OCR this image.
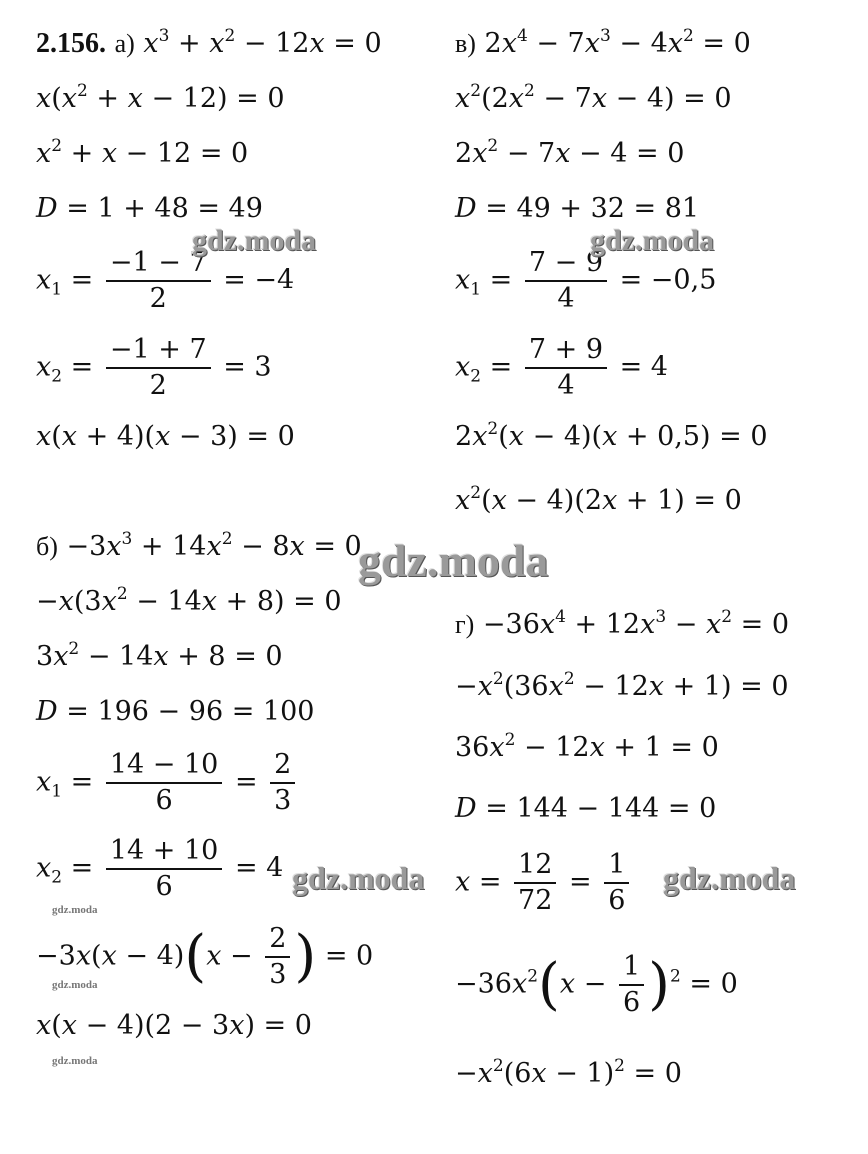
2.156. а) $x^3 + x^2 - 12x = 0$
$x(x^2 + x - 12) = 0$
$x^2 + x - 12 = 0$
D = 1 + 48 = 49
$x_1 = \frac{-1 - 7}{2} = -4$
$x_2 = \frac{-1 + 7}{2} = 3$
x(x + 4)(x − 3) = 0
в) $2x^4 - 7x^3 - 4x^2 = 0$
$x^2(2x^2 - 7x - 4) = 0$
$2x^2 - 7x - 4 = 0$
D = 49 + 32 = 81
$x_1 = \frac{7 - 9}{4} = -0,5$
$x_2 = \frac{7 + 9}{4} = 4$
$2x^2(x - 4)(x + 0,5) = 0$
$x^2(x - 4)(2x + 1) = 0$
$б) -3x^3 + 14x^2 - 8x = 0$
$-x(3x^2 - 14x + 8) = 0$
$3x^2 - 14x + 8 = 0$
D = 196 − 96 = 100
$x_1 = \frac{14 - 10}{6} = \frac{2}{3}$
$x_2 = \frac{14 + 10}{6} = 4$
$-3x(x - 4)(x - \frac{2}{3}$ ) = 0
x(x − 4)(2 − 3x) = 0
$г) -36x^4 + 12x^3 - x^2 = 0$
$-x^2(36x^2 - 12x + 1) = 0$
$36x^2 - 12x + 1 = 0$
D = 144 − 144 = 0
$x = \frac{12}{72} = \frac{1}{6}$
$-36x^2(x - \frac{1}{6} )^2 = 0$
$-x^2(6x - 1)^2 = 0$
gdz.moda	gdz.moda
gdz.moda
gdz.moda	gdz.moda
gdz.moda
gdz.moda
gdz.moda
